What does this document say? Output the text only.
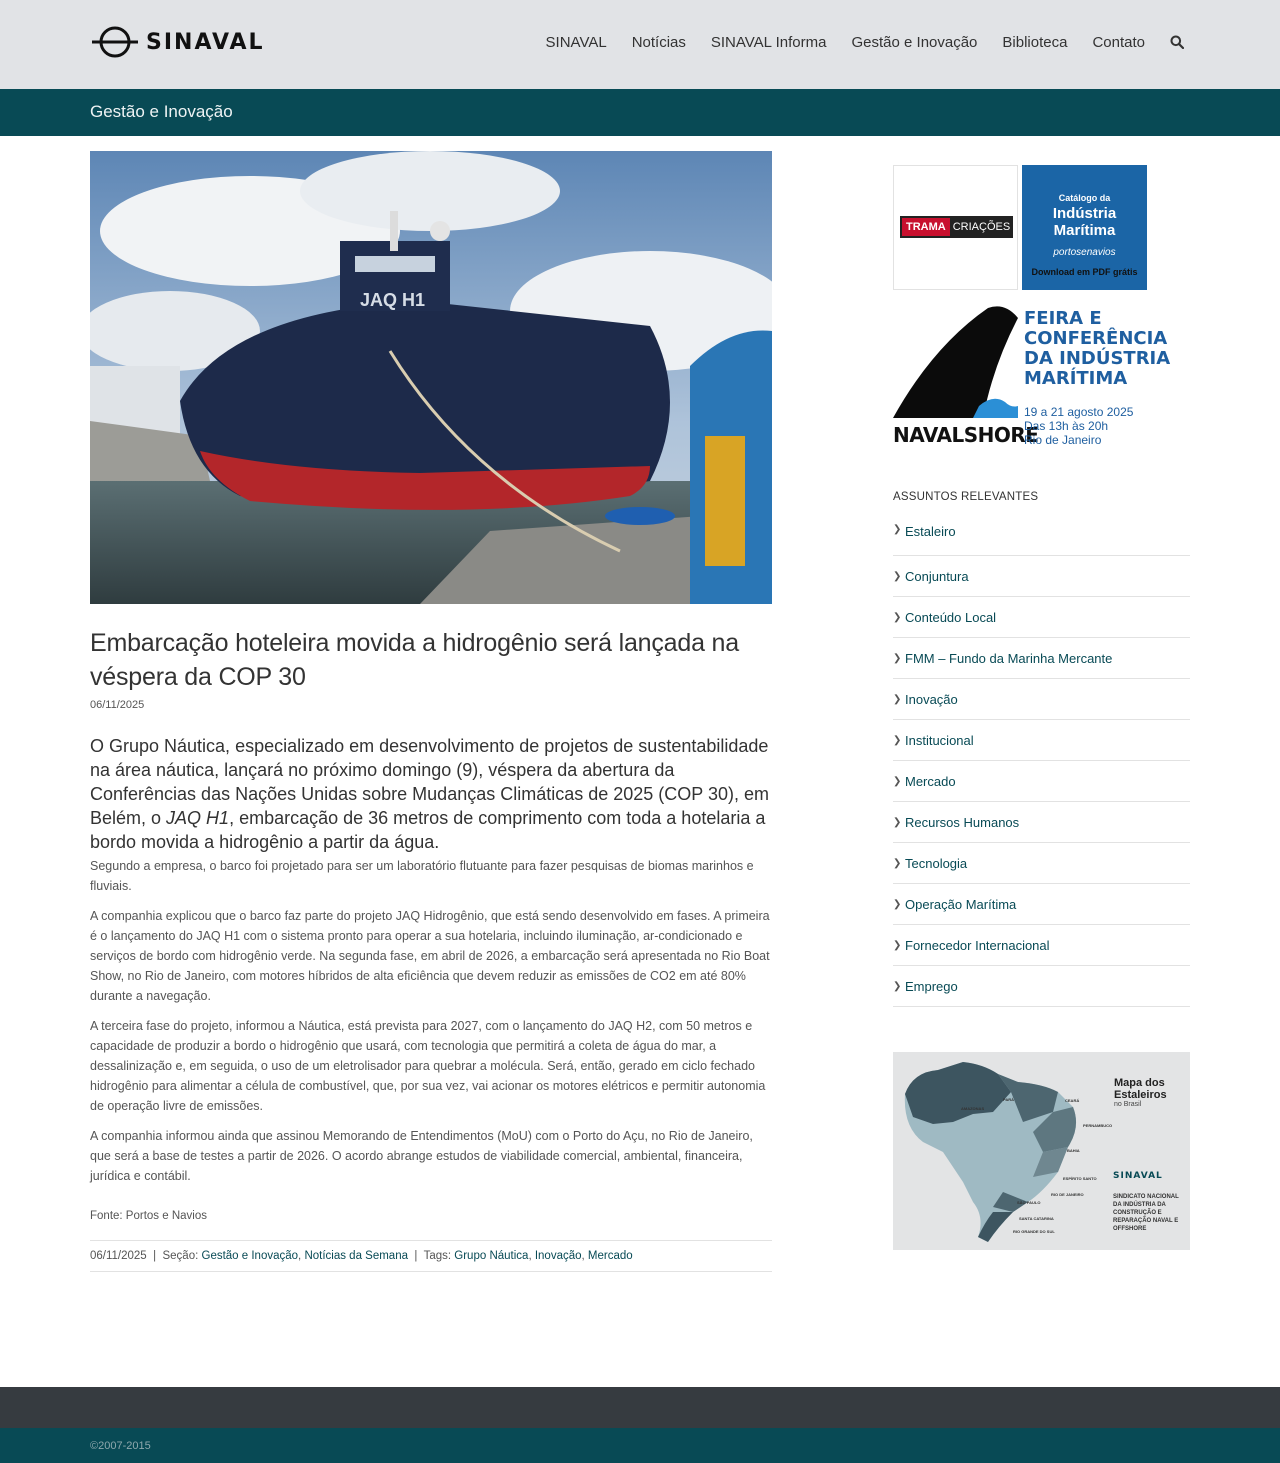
SINAVAL	SINAVAL Notícias SINAVAL Informa Gestão e Inovação Biblioteca Contato
Gestão e Inovação
JAQ H1
Embarcação hoteleira movida a hidrogênio será lançada na véspera da COP 30
06/11/2025

O Grupo Náutica, especializado em desenvolvimento de projetos de sustentabilidade na área náutica, lançará no próximo domingo (9), véspera da abertura da Conferências das Nações Unidas sobre Mudanças Climáticas de 2025 (COP 30), em Belém, o JAQ H1, embarcação de 36 metros de comprimento com toda a hotelaria a bordo movida a hidrogênio a partir da água.

Segundo a empresa, o barco foi projetado para ser um laboratório flutuante para fazer pesquisas de biomas marinhos e fluviais.

A companhia explicou que o barco faz parte do projeto JAQ Hidrogênio, que está sendo desenvolvido em fases. A primeira é o lançamento do JAQ H1 com o sistema pronto para operar a sua hotelaria, incluindo iluminação, ar-condicionado e serviços de bordo com hidrogênio verde. Na segunda fase, em abril de 2026, a embarcação será apresentada no Rio Boat Show, no Rio de Janeiro, com motores híbridos de alta eficiência que devem reduzir as emissões de CO2 em até 80% durante a navegação.

A terceira fase do projeto, informou a Náutica, está prevista para 2027, com o lançamento do JAQ H2, com 50 metros e capacidade de produzir a bordo o hidrogênio que usará, com tecnologia que permitirá a coleta de água do mar, a dessalinização e, em seguida, o uso de um eletrolisador para quebrar a molécula. Será, então, gerado em ciclo fechado hidrogênio para alimentar a célula de combustível, que, por sua vez, vai acionar os motores elétricos e permitir autonomia de operação livre de emissões.

A companhia informou ainda que assinou Memorando de Entendimentos (MoU) com o Porto do Açu, no Rio de Janeiro, que será a base de testes a partir de 2026. O acordo abrange estudos de viabilidade comercial, ambiental, financeira, jurídica e contábil.

Fonte: Portos e Navios
06/11/2025 | Seção: Gestão e Inovação, Notícias da Semana | Tags: Grupo Náutica, Inovação, Mercado
TRAMA CRIAÇÕES
Catálogo da
Indústria Marítima
portosenavios
Download em PDF grátis
NAVALSHORE
FEIRA E
CONFERÊNCIA
DA INDÚSTRIA
MARÍTIMA
19 a 21 agosto 2025
Das 13h às 20h
Rio de Janeiro
ASSUNTOS RELEVANTES
❯ Estaleiro
❯ Conjuntura
❯ Conteúdo Local
❯ FMM – Fundo da Marinha Mercante
❯ Inovação
❯ Institucional
❯ Mercado
❯ Recursos Humanos
❯ Tecnologia
❯ Operação Marítima
❯ Fornecedor Internacional
❯ Emprego
AMAZONAS
PARÁ	CEARÁ
PERNAMBUCO
BAHIA
ESPÍRITO SANTO
RIO DE JANEIRO
SÃO PAULO
SANTA CATARINA
RIO GRANDE DO SUL
Mapa dos
Estaleiros
no Brasil
SINAVAL
SINDICATO NACIONAL DA INDÚSTRIA DA CONSTRUÇÃO E REPARAÇÃO NAVAL E OFFSHORE
©2007-2015
